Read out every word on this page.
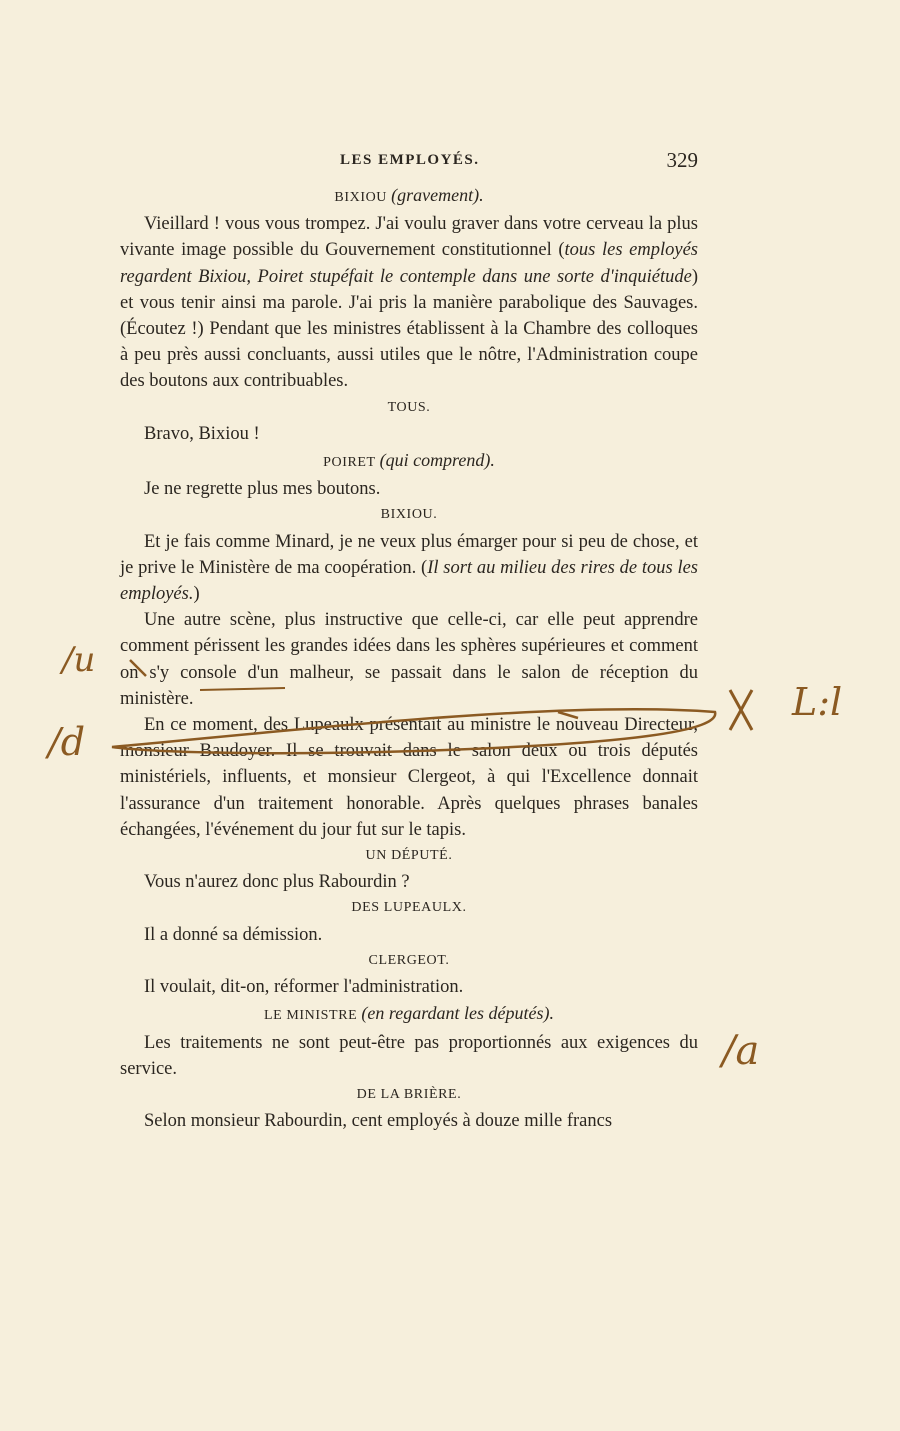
LES EMPLOYÉS.	329
BIXIOU (gravement).

Vieillard ! vous vous trompez. J'ai voulu graver dans votre cerveau la plus vivante image possible du Gouvernement constitutionnel (tous les employés regardent Bixiou, Poiret stupéfait le contemple dans une sorte d'inquiétude) et vous tenir ainsi ma parole. J'ai pris la manière parabolique des Sauvages. (Écoutez !) Pendant que les ministres établissent à la Chambre des colloques à peu près aussi concluants, aussi utiles que le nôtre, l'Administration coupe des boutons aux contribuables.

TOUS.

Bravo, Bixiou !

POIRET (qui comprend).

Je ne regrette plus mes boutons.

BIXIOU.

Et je fais comme Minard, je ne veux plus émarger pour si peu de chose, et je prive le Ministère de ma coopération. (Il sort au milieu des rires de tous les employés.)

Une autre scène, plus instructive que celle-ci, car elle peut apprendre comment périssent les grandes idées dans les sphères supérieures et comment on s'y console d'un malheur, se passait dans le salon de réception du ministère.

En ce moment, des Lupeaulx présentait au ministre le nouveau Directeur, monsieur Baudoyer. Il se trouvait dans le salon deux ou trois députés ministériels, influents, et monsieur Clergeot, à qui l'Excellence donnait l'assurance d'un traitement honorable. Après quelques phrases banales échangées, l'événement du jour fut sur le tapis.

UN DÉPUTÉ.

Vous n'aurez donc plus Rabourdin ?

DES LUPEAULX.

Il a donné sa démission.

CLERGEOT.

Il voulait, dit-on, réformer l'administration.

LE MINISTRE (en regardant les députés).

Les traitements ne sont peut-être pas proportionnés aux exigences du service.

DE LA BRIÈRE.

Selon monsieur Rabourdin, cent employés à douze mille francs

/u
/d
L:l
/a
